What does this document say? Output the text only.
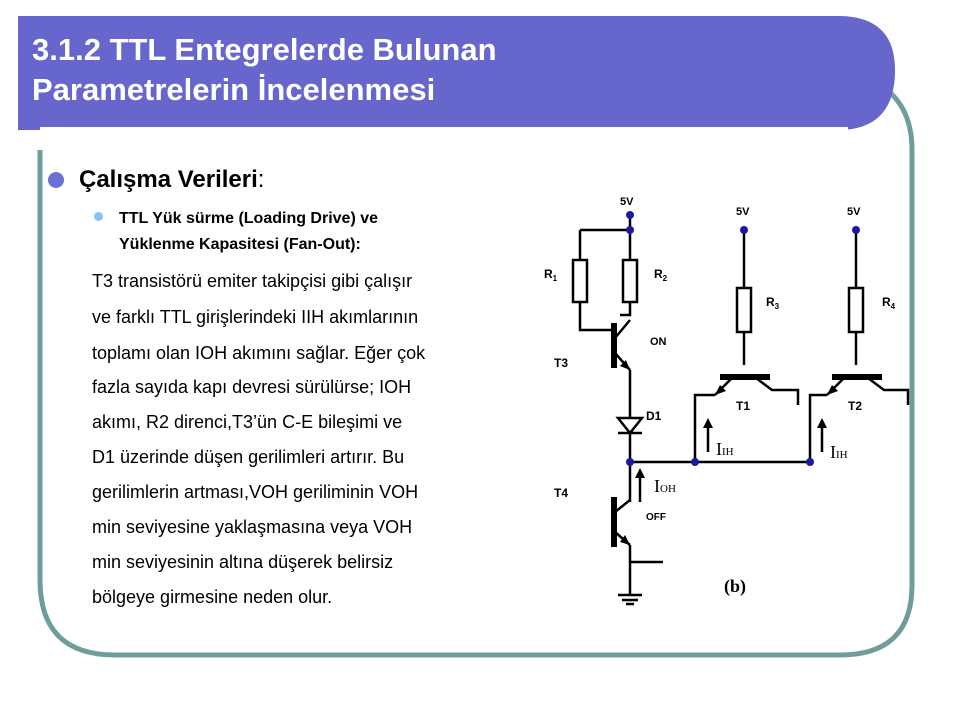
3.1.2 TTL Entegrelerde Bulunan
Parametrelerin İncelenmesi
Çalışma Verileri :
TTL Yük sürme (Loading Drive) ve
Yüklenme Kapasitesi (Fan-Out):
T3 transistörü emiter takipçisi gibi çalışır
ve farklı TTL girişlerindeki IIH akımlarının
toplamı olan IOH akımını sağlar. Eğer çok
fazla sayıda kapı devresi sürülürse; IOH
akımı, R2 direnci,T3’ün C-E bileşimi ve
D1 üzerinde düşen gerilimleri artırır. Bu
gerilimlerin artması,VOH geriliminin VOH
min seviyesine yaklaşmasına veya VOH
min seviyesinin altına düşerek belirsiz
bölgeye girmesine neden olur.
5V
5V	5V
$R_1$	$R_2$
$R_3$	$R_4$
T3
ON
D1
T1	T2
T4
OFF
IOH
IIH	IIH
(b)
